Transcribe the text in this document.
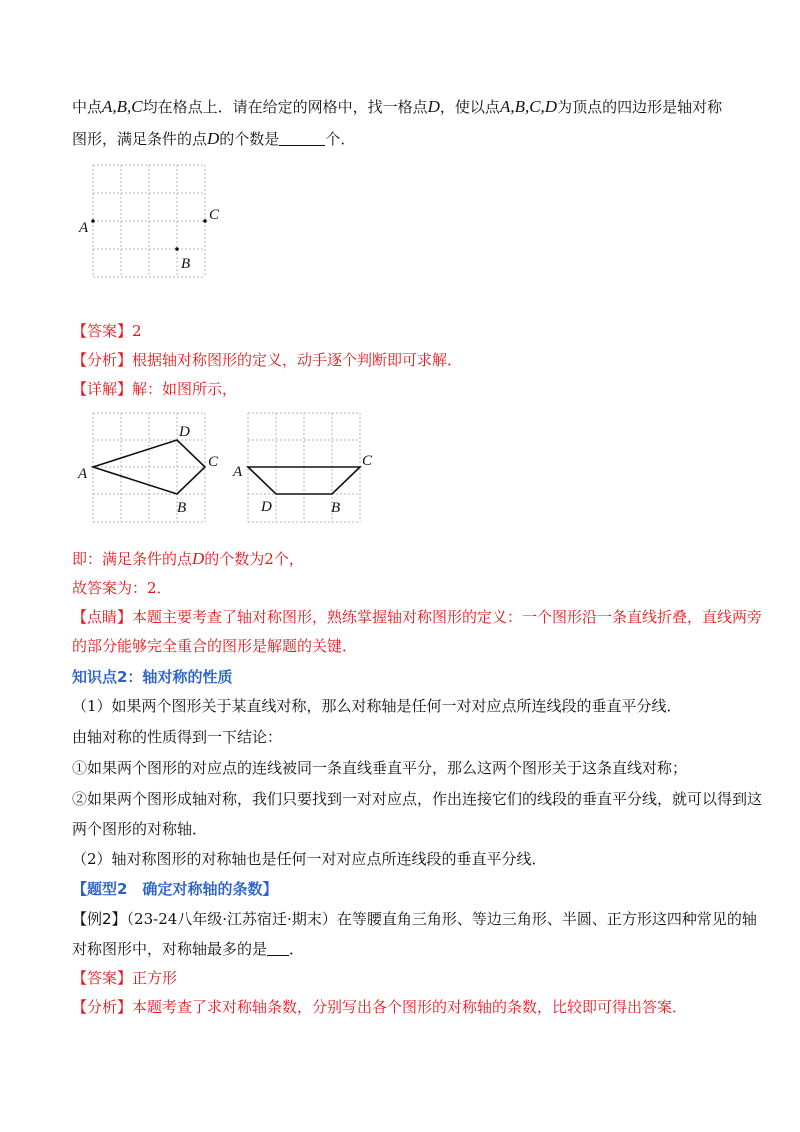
中点A,B,C均在格点上．请在给定的网格中，找一格点D，使以点A,B,C,D为顶点的四边形是轴对称
图形，满足条件的点D的个数是	个．
A
C
B
【答案】2
【分析】根据轴对称图形的定义，动手逐个判断即可求解．
【详解】解：如图所示，
A
D
C
B
A
C
D	B
即：满足条件的点D的个数为2个，
故答案为：2．
【点睛】本题主要考查了轴对称图形，熟练掌握轴对称图形的定义：一个图形沿一条直线折叠，直线两旁
的部分能够完全重合的图形是解题的关键．
知识点2：轴对称的性质
（1）如果两个图形关于某直线对称，那么对称轴是任何一对对应点所连线段的垂直平分线．
由轴对称的性质得到一下结论：
①如果两个图形的对应点的连线被同一条直线垂直平分，那么这两个图形关于这条直线对称；
②如果两个图形成轴对称，我们只要找到一对对应点，作出连接它们的线段的垂直平分线，就可以得到这
两个图形的对称轴．
（2）轴对称图形的对称轴也是任何一对对应点所连线段的垂直平分线．
【题型2　确定对称轴的条数】
【例2】（23-24八年级·江苏宿迁·期末）在等腰直角三角形、等边三角形、半圆、正方形这四种常见的轴
对称图形中，对称轴最多的是 ．
【答案】正方形
【分析】本题考查了求对称轴条数，分别写出各个图形的对称轴的条数，比较即可得出答案．
